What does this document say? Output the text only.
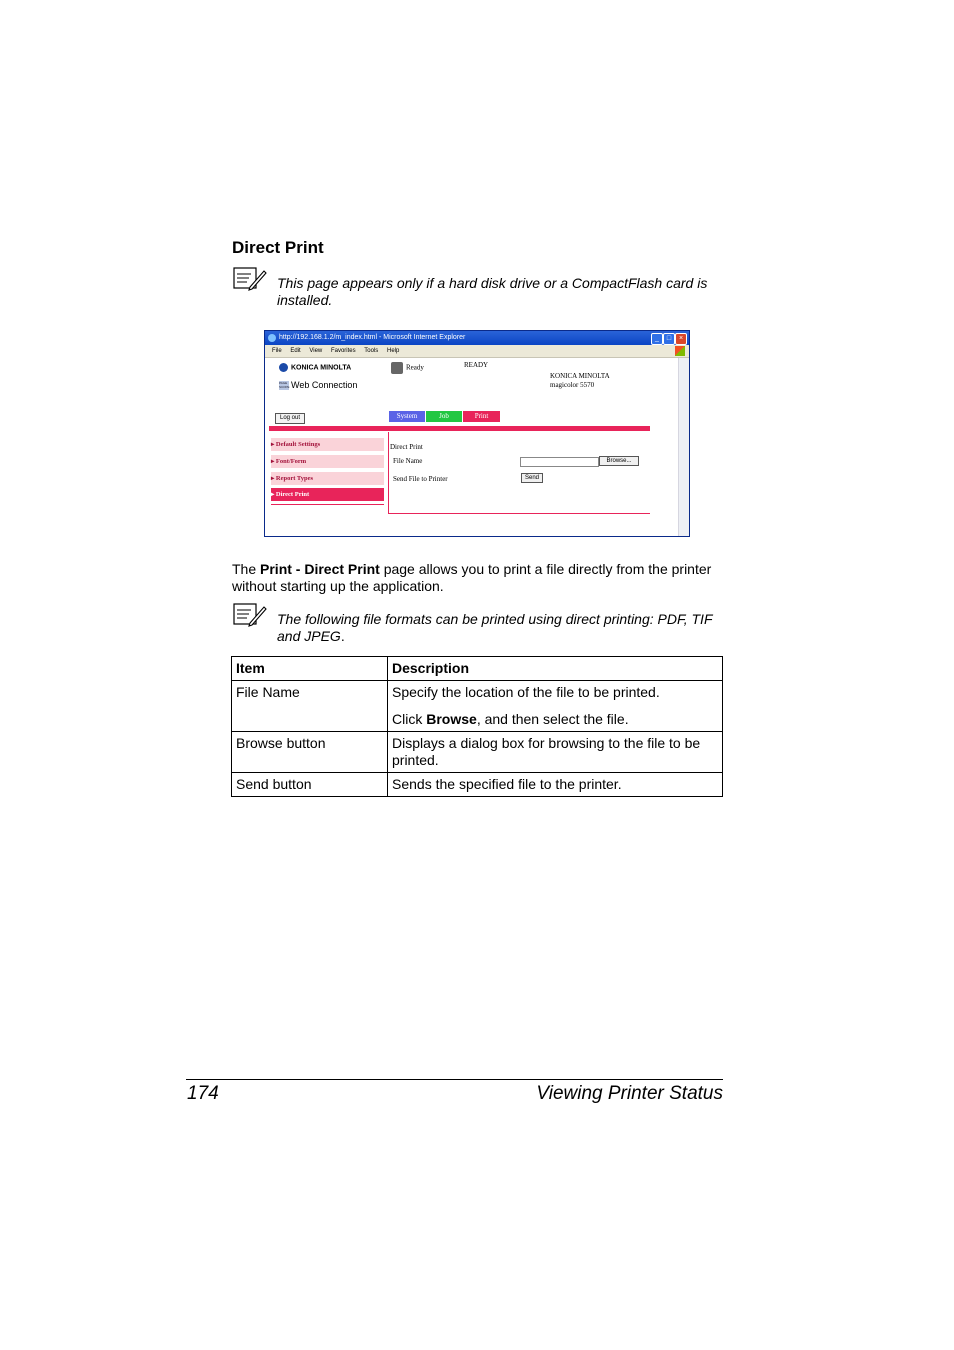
Direct Print
This page appears only if a hard disk drive or a CompactFlash card is installed.
http://192.168.1.2/m_index.html - Microsoft Internet Explorer	_	□	×
File Edit View Favorites Tools Help
KONICA MINOLTA
PAGE SCOPEWeb Connection
Ready	READY
KONICA MINOLTA
magicolor 5570
Log out	System	Job	Print
▸ Default Settings
▸ Font/Form
▸ Report Types
▸ Direct Print
Direct Print
File Name	Browse...
Send File to Printer	Send
The Print - Direct Print page allows you to print a file directly from the printer without starting up the application.
The following file formats can be printed using direct printing: PDF, TIF and JPEG.
Item	Description
File Name	Specify the location of the file to be printed.
Click Browse, and then select the file.

Browse button	Displays a dialog box for browsing to the file to be printed.
Send button	Sends the specified file to the printer.
174	Viewing Printer Status
